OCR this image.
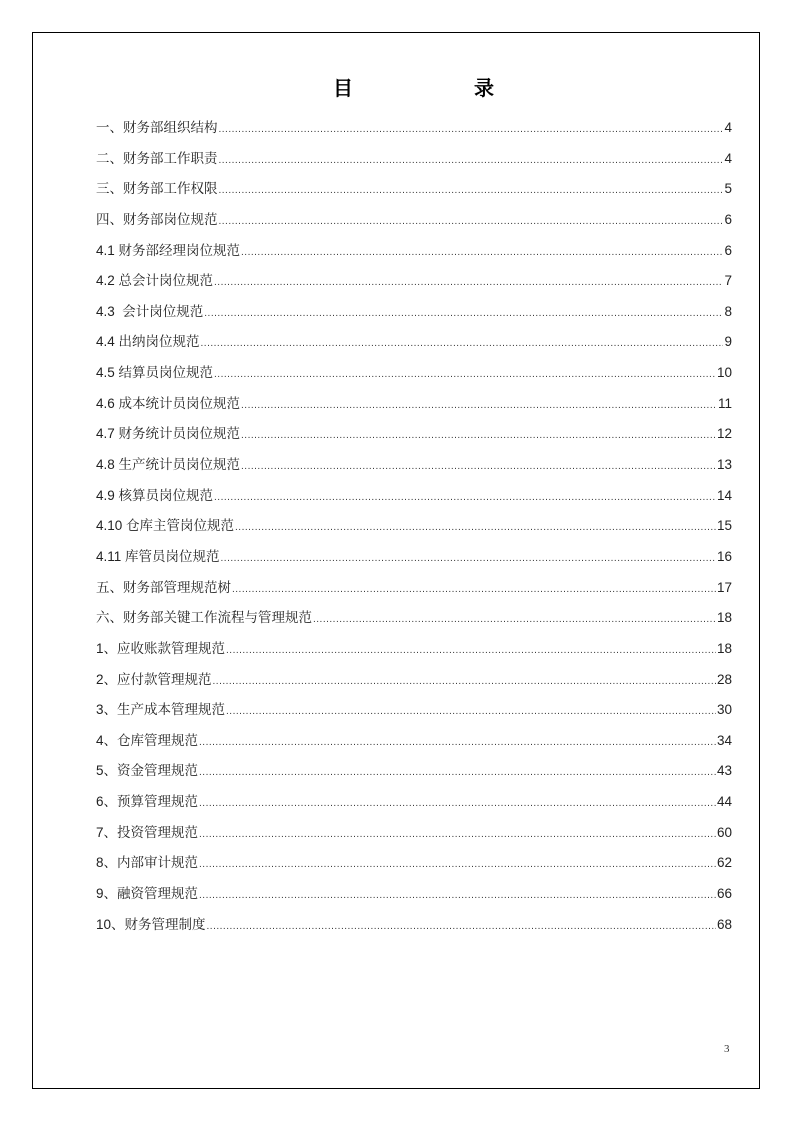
目	录
一、财务部组织结构 .....	4
二、财务部工作职责 .....	4
三、财务部工作权限 .....	5
四、财务部岗位规范 .....	6
4.1 财务部经理岗位规范 .....	6
4.2 总会计岗位规范 .....	7
4.3  会计岗位规范 .....	8
4.4 出纳岗位规范 .....	9
4.5 结算员岗位规范 .....	10
4.6 成本统计员岗位规范 .....	11
4.7 财务统计员岗位规范 .....	12
4.8 生产统计员岗位规范 .....	13
4.9 核算员岗位规范 .....	14
4.10 仓库主管岗位规范 .....	15
4.11 库管员岗位规范 .....	16
五、财务部管理规范树 .....	17
六、财务部关键工作流程与管理规范 .....	18
1、应收账款管理规范 .....	18
2、应付款管理规范 .....	28
3、生产成本管理规范 .....	30
4、仓库管理规范 .....	34
5、资金管理规范 .....	43
6、预算管理规范 .....	44
7、投资管理规范 .....	60
8、内部审计规范 .....	62
9、融资管理规范 .....	66
10、财务管理制度 .....	68
3
